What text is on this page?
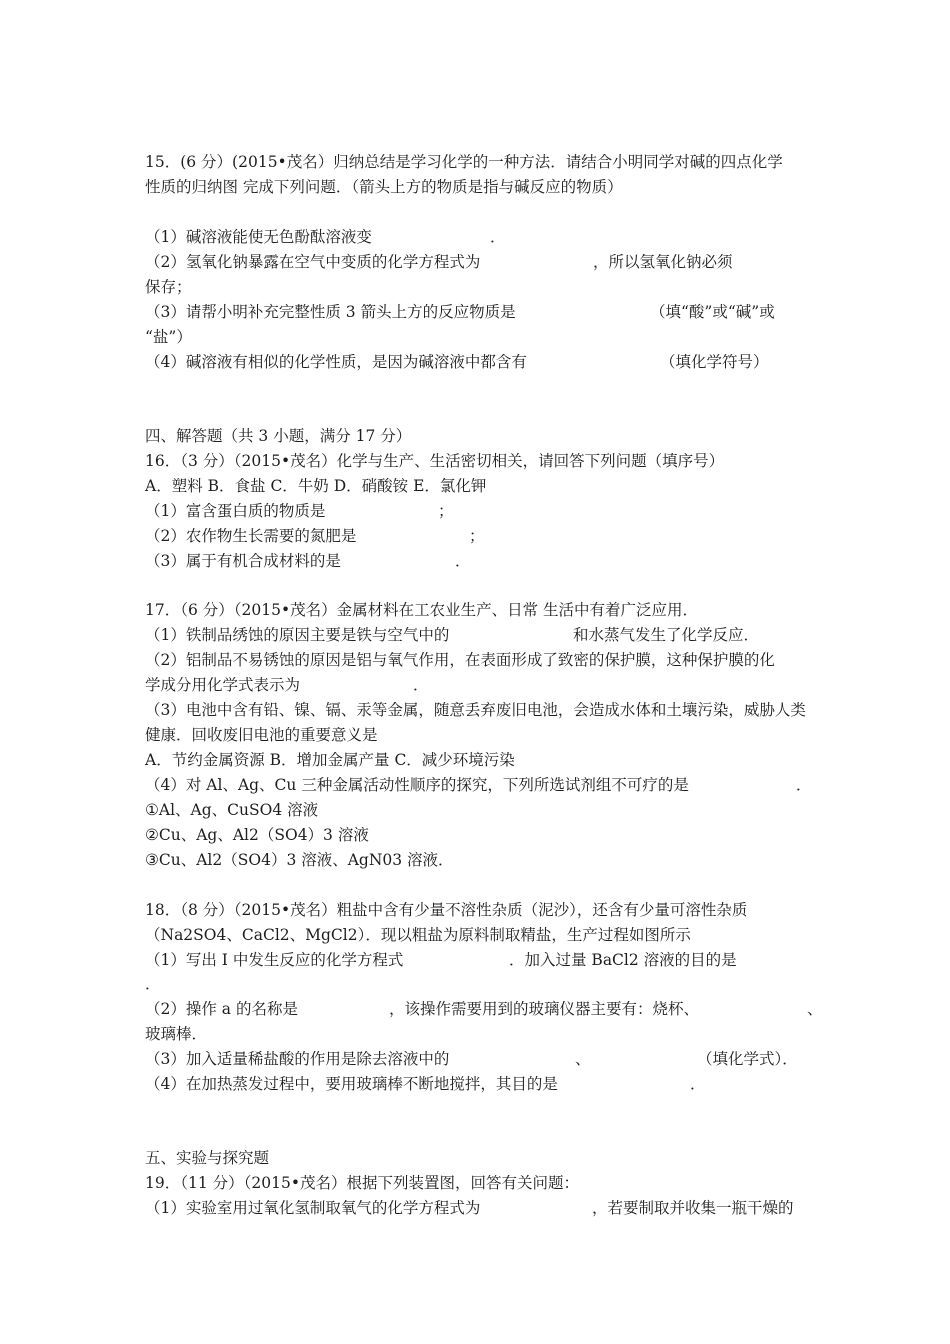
15．(6 分）(2015•茂名）归纳总结是学习化学的一种方法．请结合小明同学对碱的四点化学
性质的归纳图 完成下列问题．（箭头上方的物质是指与碱反应的物质）
（1）碱溶液能使无色酚酞溶液变	．
（2）氢氧化钠暴露在空气中变质的化学方程式为	，所以氢氧化钠必须
保存；
（3）请帮小明补充完整性质 3 箭头上方的反应物质是	（填“酸”或“碱”或
“盐”）
（4）碱溶液有相似的化学性质，是因为碱溶液中都含有	（填化学符号）
四、解答题（共 3 小题，满分 17 分）
16．（3 分）（2015•茂名）化学与生产、生活密切相关，请回答下列问题（填序号）
A．塑料 B．食盐 C．牛奶 D．硝酸铵 E．氯化钾
（1）富含蛋白质的物质是	；
（2）农作物生长需要的氮肥是	；
（3）属于有机合成材料的是	．
17．（6 分）（2015•茂名）金属材料在工农业生产、日常 生活中有着广泛应用．
（1）铁制品绣蚀的原因主要是铁与空气中的	和水蒸气发生了化学反应．
（2）铝制品不易锈蚀的原因是铝与氧气作用，在表面形成了致密的保护膜，这种保护膜的化
学成分用化学式表示为	．
（3）电池中含有铅、镍、镉、汞等金属，随意丢弃废旧电池，会造成水体和土壤污染，威胁人类
健康．回收废旧电池的重要意义是
A．节约金属资源 B．增加金属产量 C．减少环境污染
（4）对 Al、Ag、Cu 三种金属活动性顺序的探究，下列所选试剂组不可疗的是	．
①Al、Ag、CuSO4 溶液
②Cu、Ag、Al2（SO4）3 溶液
③Cu、Al2（SO4）3 溶液、AgN03 溶液．
18．（8 分）（2015•茂名）粗盐中含有少量不溶性杂质（泥沙），还含有少量可溶性杂质
（Na2SO4、CaCl2、MgCl2）．现以粗盐为原料制取精盐，生产过程如图所示
（1）写出 I 中发生反应的化学方程式	．加入过量 BaCl2 溶液的目的是
．
（2）操作 a 的名称是	，该操作需要用到的玻璃仪器主要有：烧杯、	、
玻璃棒．
（3）加入适量稀盐酸的作用是除去溶液中的	、	（填化学式）．
（4）在加热蒸发过程中，要用玻璃棒不断地搅拌，其目的是	．
五、实验与探究题
19．（11 分）（2015•茂名）根据下列装置图，回答有关问题：
（1）实验室用过氧化氢制取氧气的化学方程式为	，若要制取并收集一瓶干燥的
